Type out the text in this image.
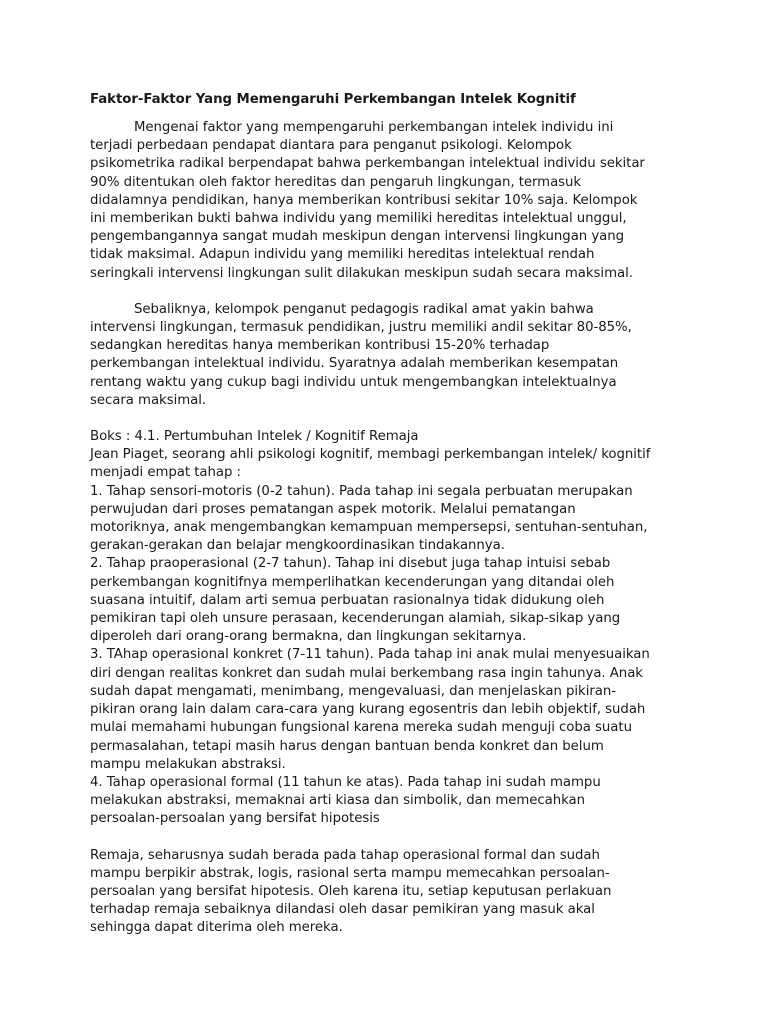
Faktor-Faktor Yang Memengaruhi Perkembangan Intelek Kognitif
Mengenai faktor yang mempengaruhi perkembangan intelek individu ini
terjadi perbedaan pendapat diantara para penganut psikologi. Kelompok
psikometrika radikal berpendapat bahwa perkembangan intelektual individu sekitar
90% ditentukan oleh faktor hereditas dan pengaruh lingkungan, termasuk
didalamnya pendidikan, hanya memberikan kontribusi sekitar 10% saja. Kelompok
ini memberikan bukti bahwa individu yang memiliki hereditas intelektual unggul,
pengembangannya sangat mudah meskipun dengan intervensi lingkungan yang
tidak maksimal. Adapun individu yang memiliki hereditas intelektual rendah
seringkali intervensi lingkungan sulit dilakukan meskipun sudah secara maksimal.
Sebaliknya, kelompok penganut pedagogis radikal amat yakin bahwa
intervensi lingkungan, termasuk pendidikan, justru memiliki andil sekitar 80-85%,
sedangkan hereditas hanya memberikan kontribusi 15-20% terhadap
perkembangan intelektual individu. Syaratnya adalah memberikan kesempatan
rentang waktu yang cukup bagi individu untuk mengembangkan intelektualnya
secara maksimal.
Boks : 4.1. Pertumbuhan Intelek / Kognitif Remaja
Jean Piaget, seorang ahli psikologi kognitif, membagi perkembangan intelek/ kognitif
menjadi empat tahap :
1. Tahap sensori-motoris (0-2 tahun). Pada tahap ini segala perbuatan merupakan
perwujudan dari proses pematangan aspek motorik. Melalui pematangan
motoriknya, anak mengembangkan kemampuan mempersepsi, sentuhan-sentuhan,
gerakan-gerakan dan belajar mengkoordinasikan tindakannya.
2. Tahap praoperasional (2-7 tahun). Tahap ini disebut juga tahap intuisi sebab
perkembangan kognitifnya memperlihatkan kecenderungan yang ditandai oleh
suasana intuitif, dalam arti semua perbuatan rasionalnya tidak didukung oleh
pemikiran tapi oleh unsure perasaan, kecenderungan alamiah, sikap-sikap yang
diperoleh dari orang-orang bermakna, dan lingkungan sekitarnya.
3. TAhap operasional konkret (7-11 tahun). Pada tahap ini anak mulai menyesuaikan
diri dengan realitas konkret dan sudah mulai berkembang rasa ingin tahunya. Anak
sudah dapat mengamati, menimbang, mengevaluasi, dan menjelaskan pikiran-
pikiran orang lain dalam cara-cara yang kurang egosentris dan lebih objektif, sudah
mulai memahami hubungan fungsional karena mereka sudah menguji coba suatu
permasalahan, tetapi masih harus dengan bantuan benda konkret dan belum
mampu melakukan abstraksi.
4. Tahap operasional formal (11 tahun ke atas). Pada tahap ini sudah mampu
melakukan abstraksi, memaknai arti kiasa dan simbolik, dan memecahkan
persoalan-persoalan yang bersifat hipotesis
Remaja, seharusnya sudah berada pada tahap operasional formal dan sudah
mampu berpikir abstrak, logis, rasional serta mampu memecahkan persoalan-
persoalan yang bersifat hipotesis. Oleh karena itu, setiap keputusan perlakuan
terhadap remaja sebaiknya dilandasi oleh dasar pemikiran yang masuk akal
sehingga dapat diterima oleh mereka.
